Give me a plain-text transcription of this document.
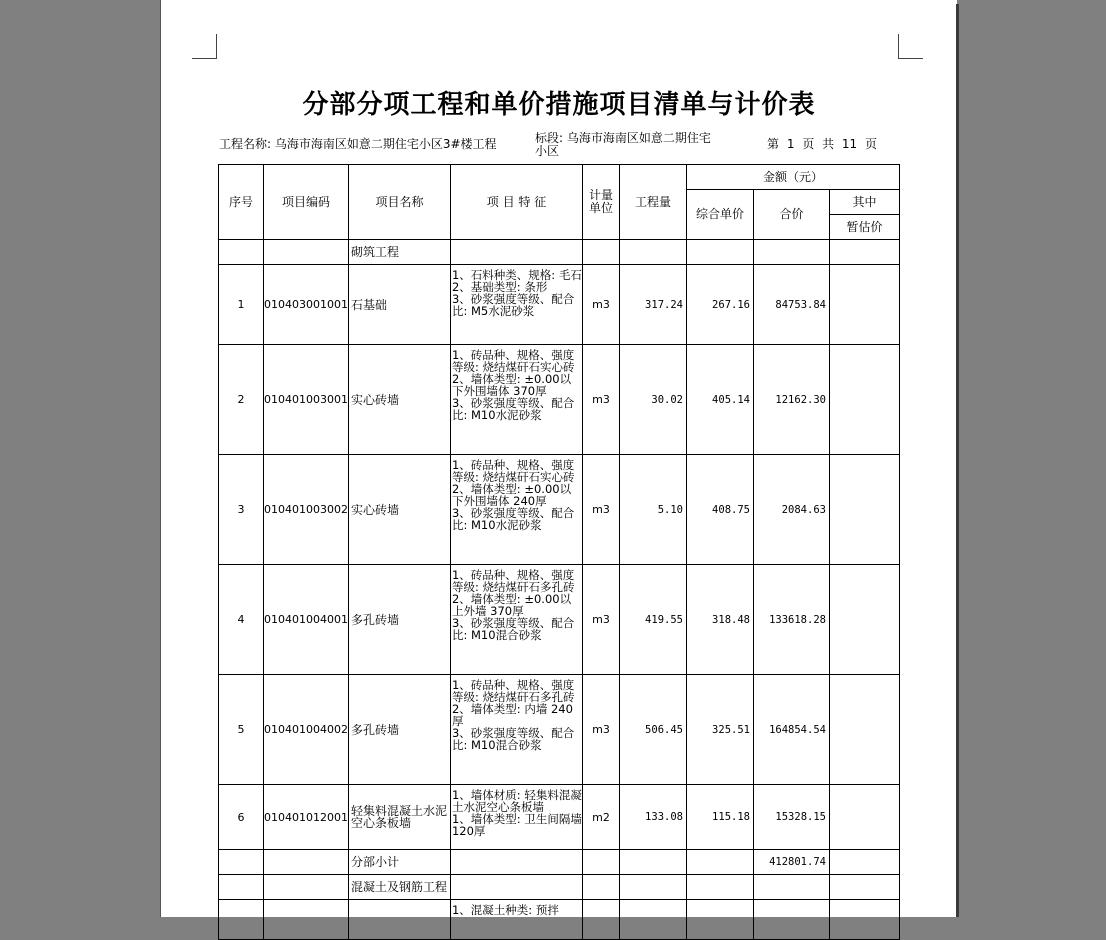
分部分项工程和单价措施项目清单与计价表
工程名称: 乌海市海南区如意二期住宅小区3#楼工程	标段: 乌海市海南区如意二期住宅小区	第 1 页 共 11 页
序号	项目编码	项目名称	项 目 特 征	计量单位	工程量	金额（元）		
						综合单价	合价	其中
								暂估价
		砌筑工程	

1	010403001001	石基础	1、石料种类、规格: 毛石
2、基础类型: 条形
3、砂浆强度等级、配合比: M5水泥砂浆	m3	317.24	267.16	84753.84	
2	010401003001	实心砖墙	1、砖品种、规格、强度等级: 烧结煤矸石实心砖
2、墙体类型: ±0.00以下外围墙体 370厚
3、砂浆强度等级、配合比: M10水泥砂浆	m3	30.02	405.14	12162.30	
3	010401003002	实心砖墙	1、砖品种、规格、强度等级: 烧结煤矸石实心砖
2、墙体类型: ±0.00以下外围墙体 240厚
3、砂浆强度等级、配合比: M10水泥砂浆	m3	5.10	408.75	2084.63	
4	010401004001	多孔砖墙	1、砖品种、规格、强度等级: 烧结煤矸石多孔砖
2、墙体类型: ±0.00以上外墙 370厚
3、砂浆强度等级、配合比: M10混合砂浆	m3	419.55	318.48	133618.28	
5	010401004002	多孔砖墙	1、砖品种、规格、强度等级: 烧结煤矸石多孔砖
2、墙体类型: 内墙 240厚
3、砂浆强度等级、配合比: M10混合砂浆	m3	506.45	325.51	164854.54	
6	010401012001	轻集料混凝土水泥空心条板墙	1、墙体材质: 轻集料混凝土水泥空心条板墙
1、墙体类型: 卫生间隔墙120厚	m2	133.08	115.18	15328.15	
		分部小计					412801.74	
		混凝土及钢筋工程	

			1、混凝土种类: 预拌					
